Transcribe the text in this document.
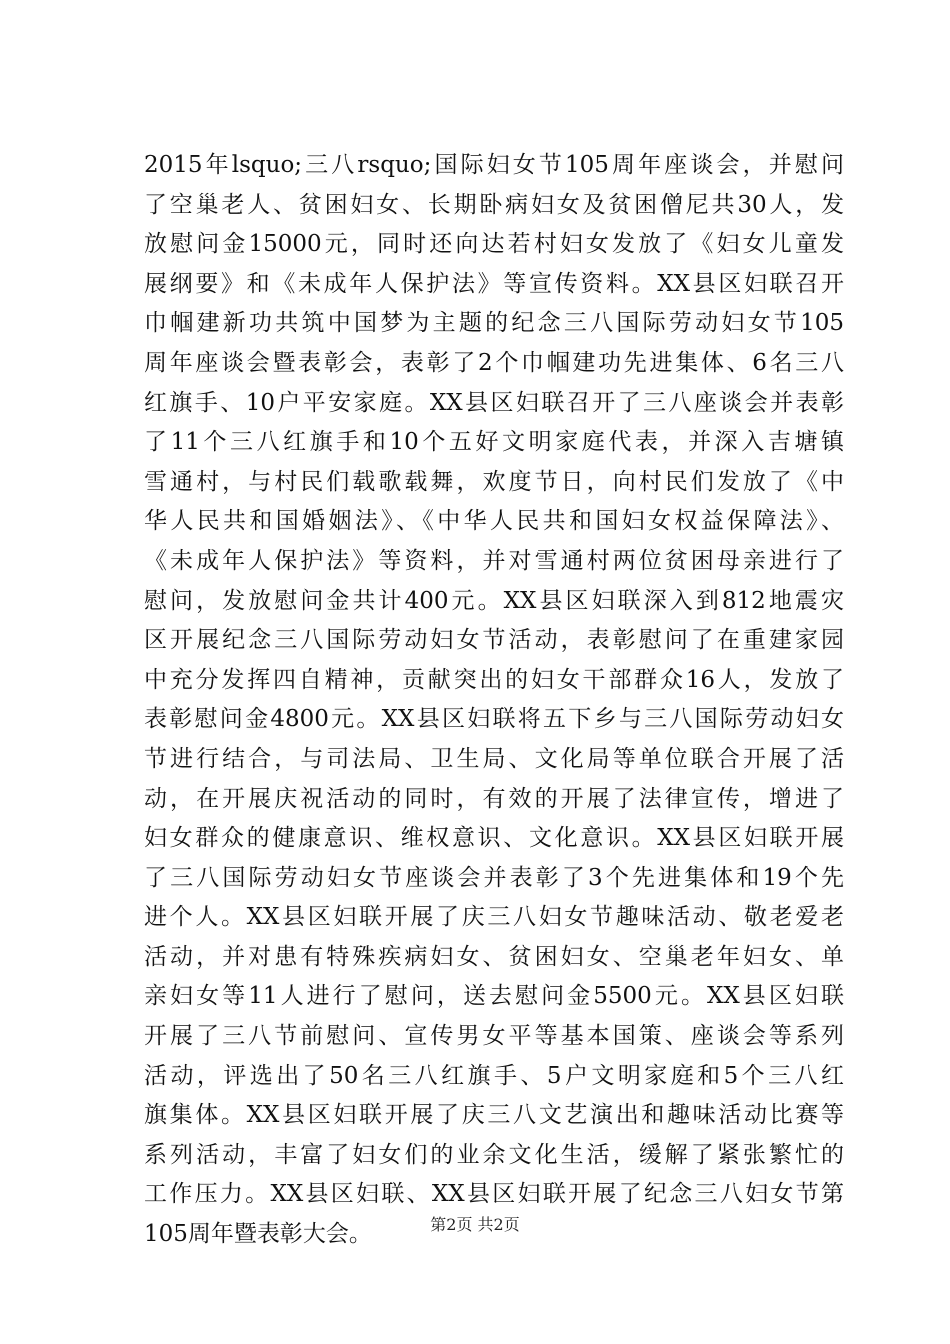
2015年lsquo;三八rsquo;国际妇女节105周年座谈会，并慰问
了空巢老人、贫困妇女、长期卧病妇女及贫困僧尼共30人，发
放慰问金15000元，同时还向达若村妇女发放了《妇女儿童发
展纲要》和《未成年人保护法》等宣传资料。XX县区妇联召开
巾帼建新功共筑中国梦为主题的纪念三八国际劳动妇女节105
周年座谈会暨表彰会，表彰了2个巾帼建功先进集体、6名三八
红旗手、10户平安家庭。XX县区妇联召开了三八座谈会并表彰
了11个三八红旗手和10个五好文明家庭代表，并深入吉塘镇
雪通村，与村民们载歌载舞，欢度节日，向村民们发放了《中
华人民共和国婚姻法》、《中华人民共和国妇女权益保障法》、
《未成年人保护法》等资料，并对雪通村两位贫困母亲进行了
慰问，发放慰问金共计400元。XX县区妇联深入到812地震灾
区开展纪念三八国际劳动妇女节活动，表彰慰问了在重建家园
中充分发挥四自精神，贡献突出的妇女干部群众16人，发放了
表彰慰问金4800元。XX县区妇联将五下乡与三八国际劳动妇女
节进行结合，与司法局、卫生局、文化局等单位联合开展了活
动，在开展庆祝活动的同时，有效的开展了法律宣传，增进了
妇女群众的健康意识、维权意识、文化意识。XX县区妇联开展
了三八国际劳动妇女节座谈会并表彰了3个先进集体和19个先
进个人。XX县区妇联开展了庆三八妇女节趣味活动、敬老爱老
活动，并对患有特殊疾病妇女、贫困妇女、空巢老年妇女、单
亲妇女等11人进行了慰问，送去慰问金5500元。XX县区妇联
开展了三八节前慰问、宣传男女平等基本国策、座谈会等系列
活动，评选出了50名三八红旗手、5户文明家庭和5个三八红
旗集体。XX县区妇联开展了庆三八文艺演出和趣味活动比赛等
系列活动，丰富了妇女们的业余文化生活，缓解了紧张繁忙的
工作压力。XX县区妇联、XX县区妇联开展了纪念三八妇女节第
105周年暨表彰大会。	第2页 共2页
